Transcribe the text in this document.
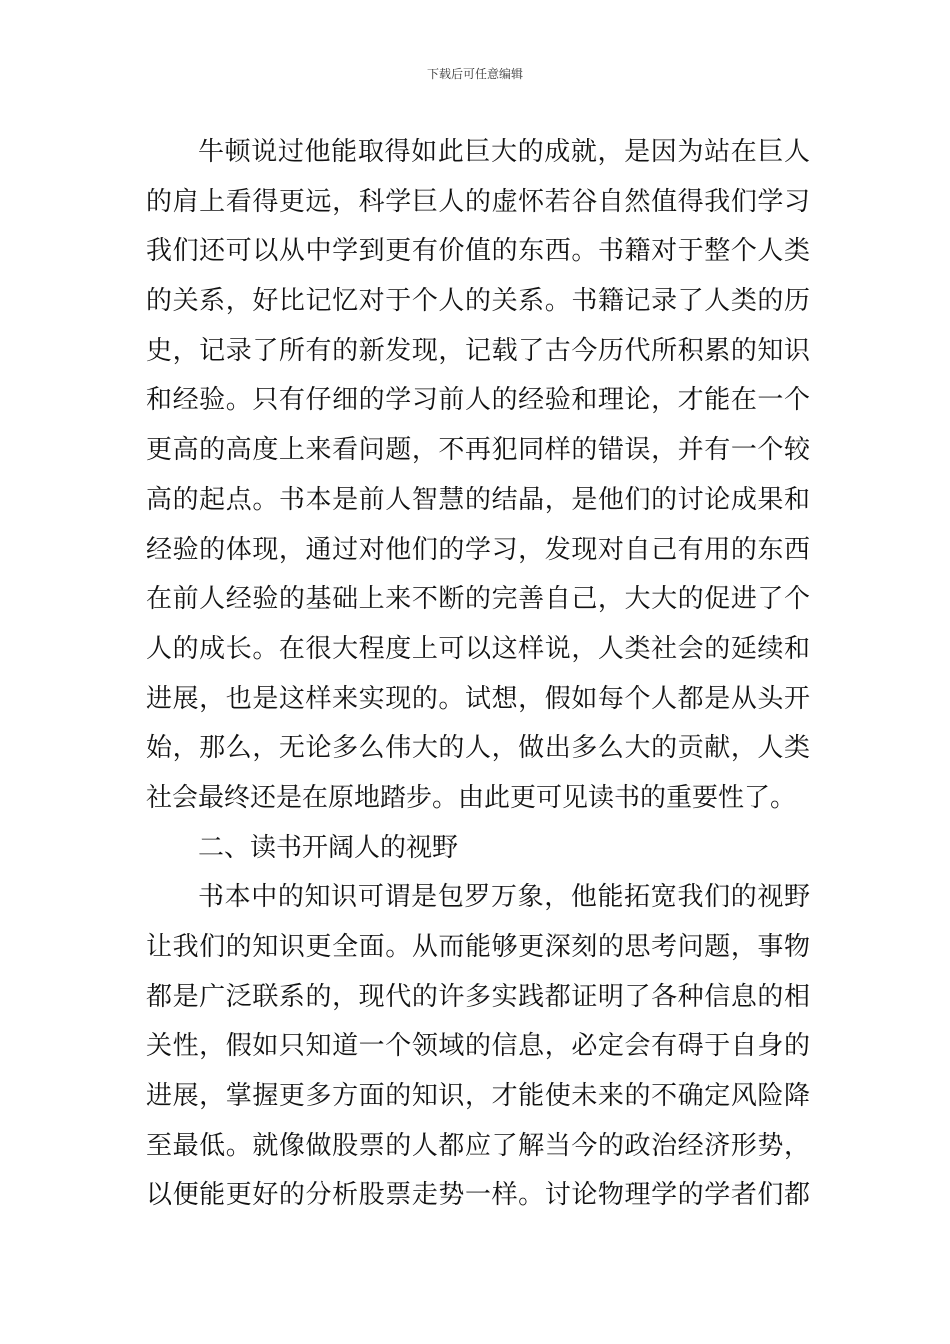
下载后可任意编辑
牛顿说过他能取得如此巨大的成就，是因为站在巨人
的肩上看得更远，科学巨人的虚怀若谷自然值得我们学习
我们还可以从中学到更有价值的东西。书籍对于整个人类
的关系，好比记忆对于个人的关系。书籍记录了人类的历
史，记录了所有的新发现，记载了古今历代所积累的知识
和经验。只有仔细的学习前人的经验和理论，才能在一个
更高的高度上来看问题，不再犯同样的错误，并有一个较
高的起点。书本是前人智慧的结晶，是他们的讨论成果和
经验的体现，通过对他们的学习，发现对自己有用的东西
在前人经验的基础上来不断的完善自己，大大的促进了个
人的成长。在很大程度上可以这样说，人类社会的延续和
进展，也是这样来实现的。试想，假如每个人都是从头开
始，那么，无论多么伟大的人，做出多么大的贡献，人类
社会最终还是在原地踏步。由此更可见读书的重要性了。
二、读书开阔人的视野
书本中的知识可谓是包罗万象，他能拓宽我们的视野
让我们的知识更全面。从而能够更深刻的思考问题，事物
都是广泛联系的，现代的许多实践都证明了各种信息的相
关性，假如只知道一个领域的信息，必定会有碍于自身的
进展，掌握更多方面的知识，才能使未来的不确定风险降
至最低。就像做股票的人都应了解当今的政治经济形势，
以便能更好的分析股票走势一样。讨论物理学的学者们都
